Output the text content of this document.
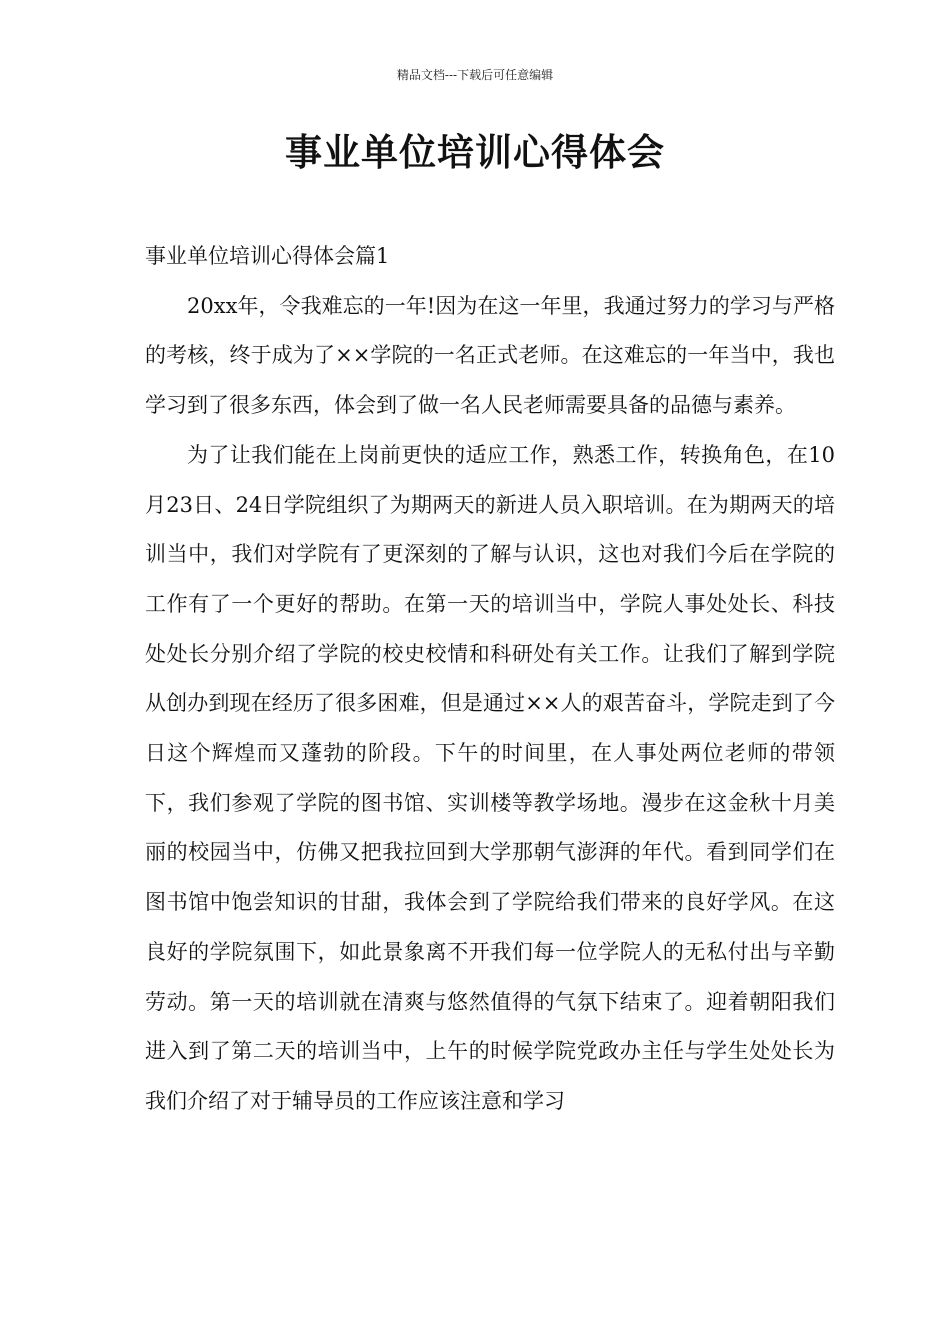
精品文档---下载后可任意编辑
事业单位培训心得体会
事业单位培训心得体会篇1

20xx年，令我难忘的一年!因为在这一年里，我通过努力的学习与严格的考核，终于成为了××学院的一名正式老师。在这难忘的一年当中，我也学习到了很多东西，体会到了做一名人民老师需要具备的品德与素养。

为了让我们能在上岗前更快的适应工作，熟悉工作，转换角色，在10月23日、24日学院组织了为期两天的新进人员入职培训。在为期两天的培训当中，我们对学院有了更深刻的了解与认识，这也对我们今后在学院的工作有了一个更好的帮助。在第一天的培训当中，学院人事处处长、科技处处长分别介绍了学院的校史校情和科研处有关工作。让我们了解到学院从创办到现在经历了很多困难，但是通过××人的艰苦奋斗，学院走到了今日这个辉煌而又蓬勃的阶段。下午的时间里，在人事处两位老师的带领下，我们参观了学院的图书馆、实训楼等教学场地。漫步在这金秋十月美丽的校园当中，仿佛又把我拉回到大学那朝气澎湃的年代。看到同学们在图书馆中饱尝知识的甘甜，我体会到了学院给我们带来的良好学风。在这良好的学院氛围下，如此景象离不开我们每一位学院人的无私付出与辛勤劳动。第一天的培训就在清爽与悠然值得的气氛下结束了。迎着朝阳我们进入到了第二天的培训当中，上午的时候学院党政办主任与学生处处长为我们介绍了对于辅导员的工作应该注意和学习
